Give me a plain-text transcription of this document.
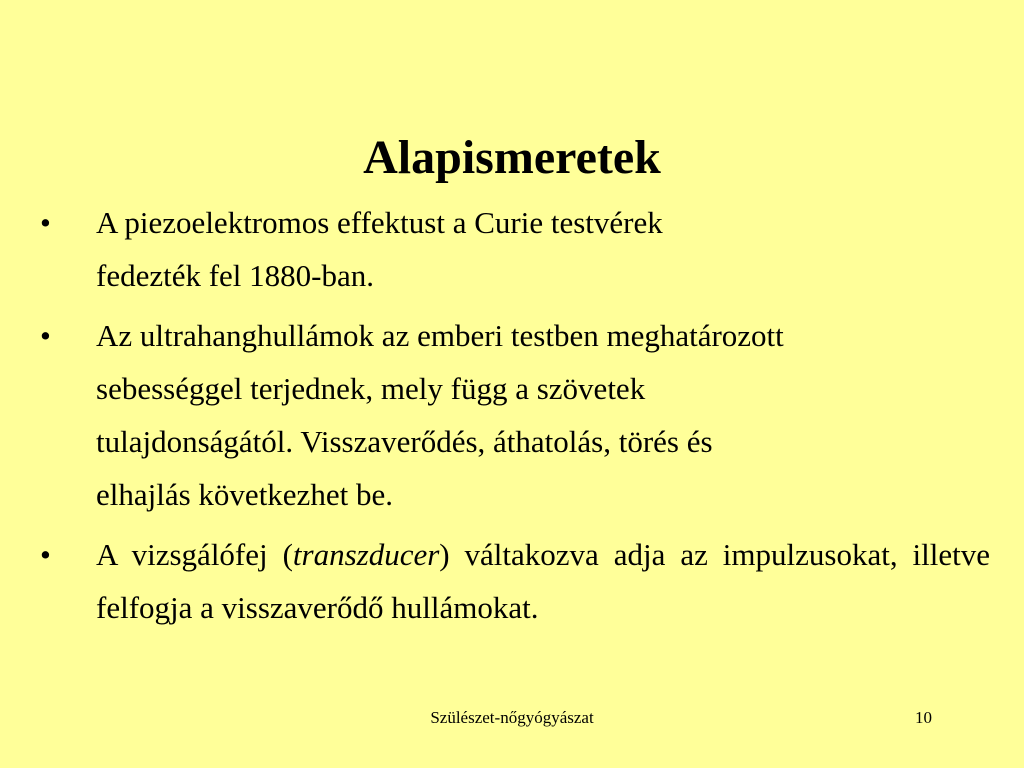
Alapismeretek
• A piezoelektromos effektust a Curie testvérek
fedezték fel 1880-ban.
• Az ultrahanghullámok az emberi testben meghatározott
sebességgel terjednek, mely függ a szövetek
tulajdonságától. Visszaverődés, áthatolás, törés és
elhajlás következhet be.
• A vizsgálófej (transzducer) váltakozva adja az impulzusokat, illetve felfogja a visszaverődő hullámokat.
Szülészet-nőgyógyászat	10
